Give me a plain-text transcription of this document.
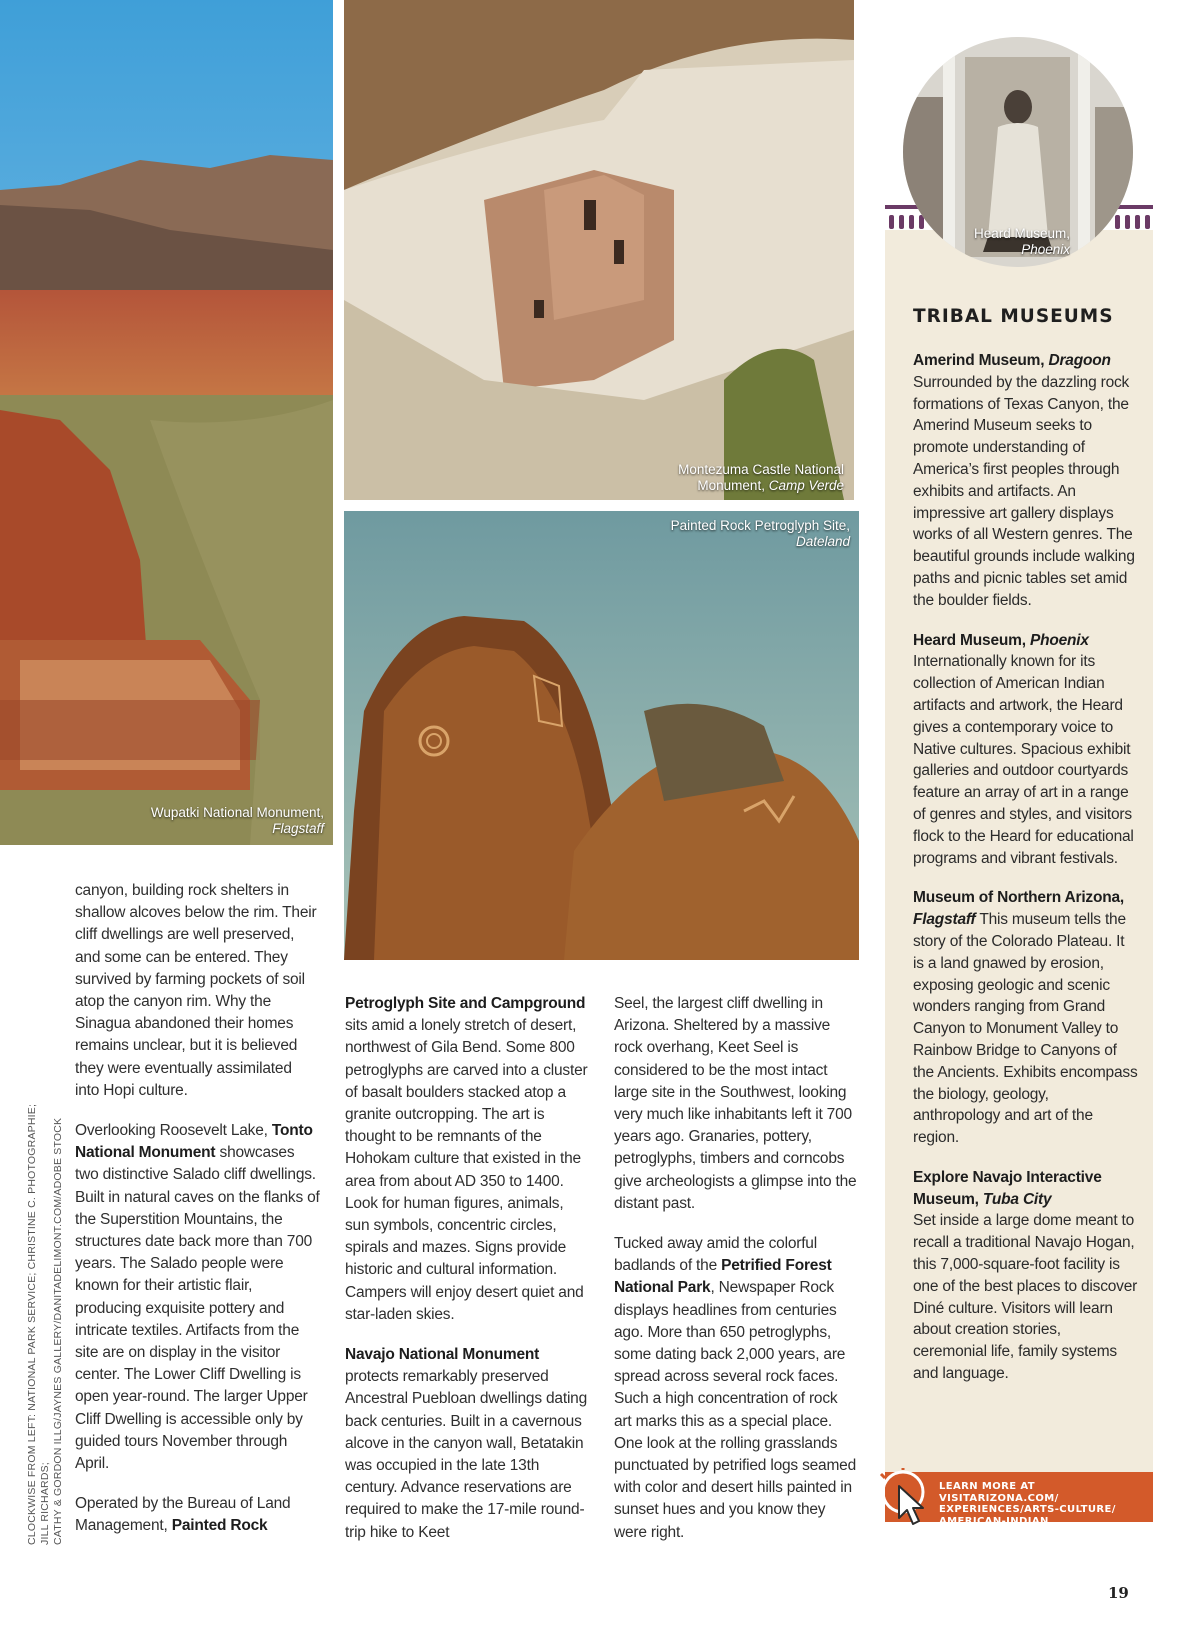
Wupatki National Monument,
Flagstaff
Montezuma Castle National
Monument, Camp Verde
Painted Rock Petroglyph Site,
Dateland
Heard Museum,
Phoenix

canyon, building rock shelters in shallow alcoves below the rim. Their cliff dwellings are well preserved, and some can be entered. They survived by farming pockets of soil atop the canyon rim. Why the Sinagua abandoned their homes remains unclear, but it is believed they were eventually assimilated into Hopi culture.

Overlooking Roosevelt Lake, Tonto National Monument showcases two distinctive Salado cliff dwellings. Built in natural caves on the flanks of the Superstition Mountains, the structures date back more than 700 years. The Salado people were known for their artistic flair, producing exquisite pottery and intricate textiles. Artifacts from the site are on display in the visitor center. The Lower Cliff Dwelling is open year-round. The larger Upper Cliff Dwelling is accessible only by guided tours November through April.

Operated by the Bureau of Land Management, Painted Rock

Petroglyph Site and Campground sits amid a lonely stretch of desert, northwest of Gila Bend. Some 800 petroglyphs are carved into a cluster of basalt boulders stacked atop a granite outcropping. The art is thought to be remnants of the Hohokam culture that existed in the area from about AD 350 to 1400. Look for human figures, animals, sun symbols, concentric circles, spirals and mazes. Signs provide historic and cultural information. Campers will enjoy desert quiet and star-laden skies.

Navajo National Monument protects remarkably preserved Ancestral Puebloan dwellings dating back centuries. Built in a cavernous alcove in the canyon wall, Betatakin was occupied in the late 13th century. Advance reservations are required to make the 17-mile round-trip hike to Keet

Seel, the largest cliff dwelling in Arizona. Sheltered by a massive rock overhang, Keet Seel is considered to be the most intact large site in the Southwest, looking very much like inhabitants left it 700 years ago. Granaries, pottery, petroglyphs, timbers and corncobs give archeologists a glimpse into the distant past.

Tucked away amid the colorful badlands of the Petrified Forest National Park, Newspaper Rock displays headlines from centuries ago. More than 650 petroglyphs, some dating back 2,000 years, are spread across several rock faces. Such a high concentration of rock art marks this as a special place. One look at the rolling grasslands punctuated by petrified logs seamed with color and desert hills painted in sunset hues and you know they were right.

TRIBAL MUSEUMS

Amerind Museum, Dragoon
Surrounded by the dazzling rock formations of Texas Canyon, the Amerind Museum seeks to promote understanding of America’s first peoples through exhibits and artifacts. An impressive art gallery displays works of all Western genres. The beautiful grounds include walking paths and picnic tables set amid the boulder fields.

Heard Museum, Phoenix
Internationally known for its collection of American Indian artifacts and artwork, the Heard gives a contemporary voice to Native cultures. Spacious exhibit galleries and outdoor courtyards feature an array of art in a range of genres and styles, and visitors flock to the Heard for educational programs and vibrant festivals.

Museum of Northern Arizona, Flagstaff This museum tells the story of the Colorado Plateau. It is a land gnawed by erosion, exposing geologic and scenic wonders ranging from Grand Canyon to Monument Valley to Rainbow Bridge to Canyons of the Ancients. Exhibits encompass the biology, geology, anthropology and art of the region.

Explore Navajo Interactive Museum, Tuba City
Set inside a large dome meant to recall a traditional Navajo Hogan, this 7,000-square-foot facility is one of the best places to discover Diné culture. Visitors will learn about creation stories, ceremonial life, family systems and language.

LEARN MORE AT VISITARIZONA.COM/
EXPERIENCES/ARTS-CULTURE/
AMERICAN-INDIAN.
CLOCKWISE FROM LEFT: NATIONAL PARK SERVICE; CHRISTINE C. PHOTOGRAPHIE; JILL RICHARDS; CATHY & GORDON ILLG/JAYNES GALLERY/DANITADELIMONT.COM/ADOBE STOCK
19
